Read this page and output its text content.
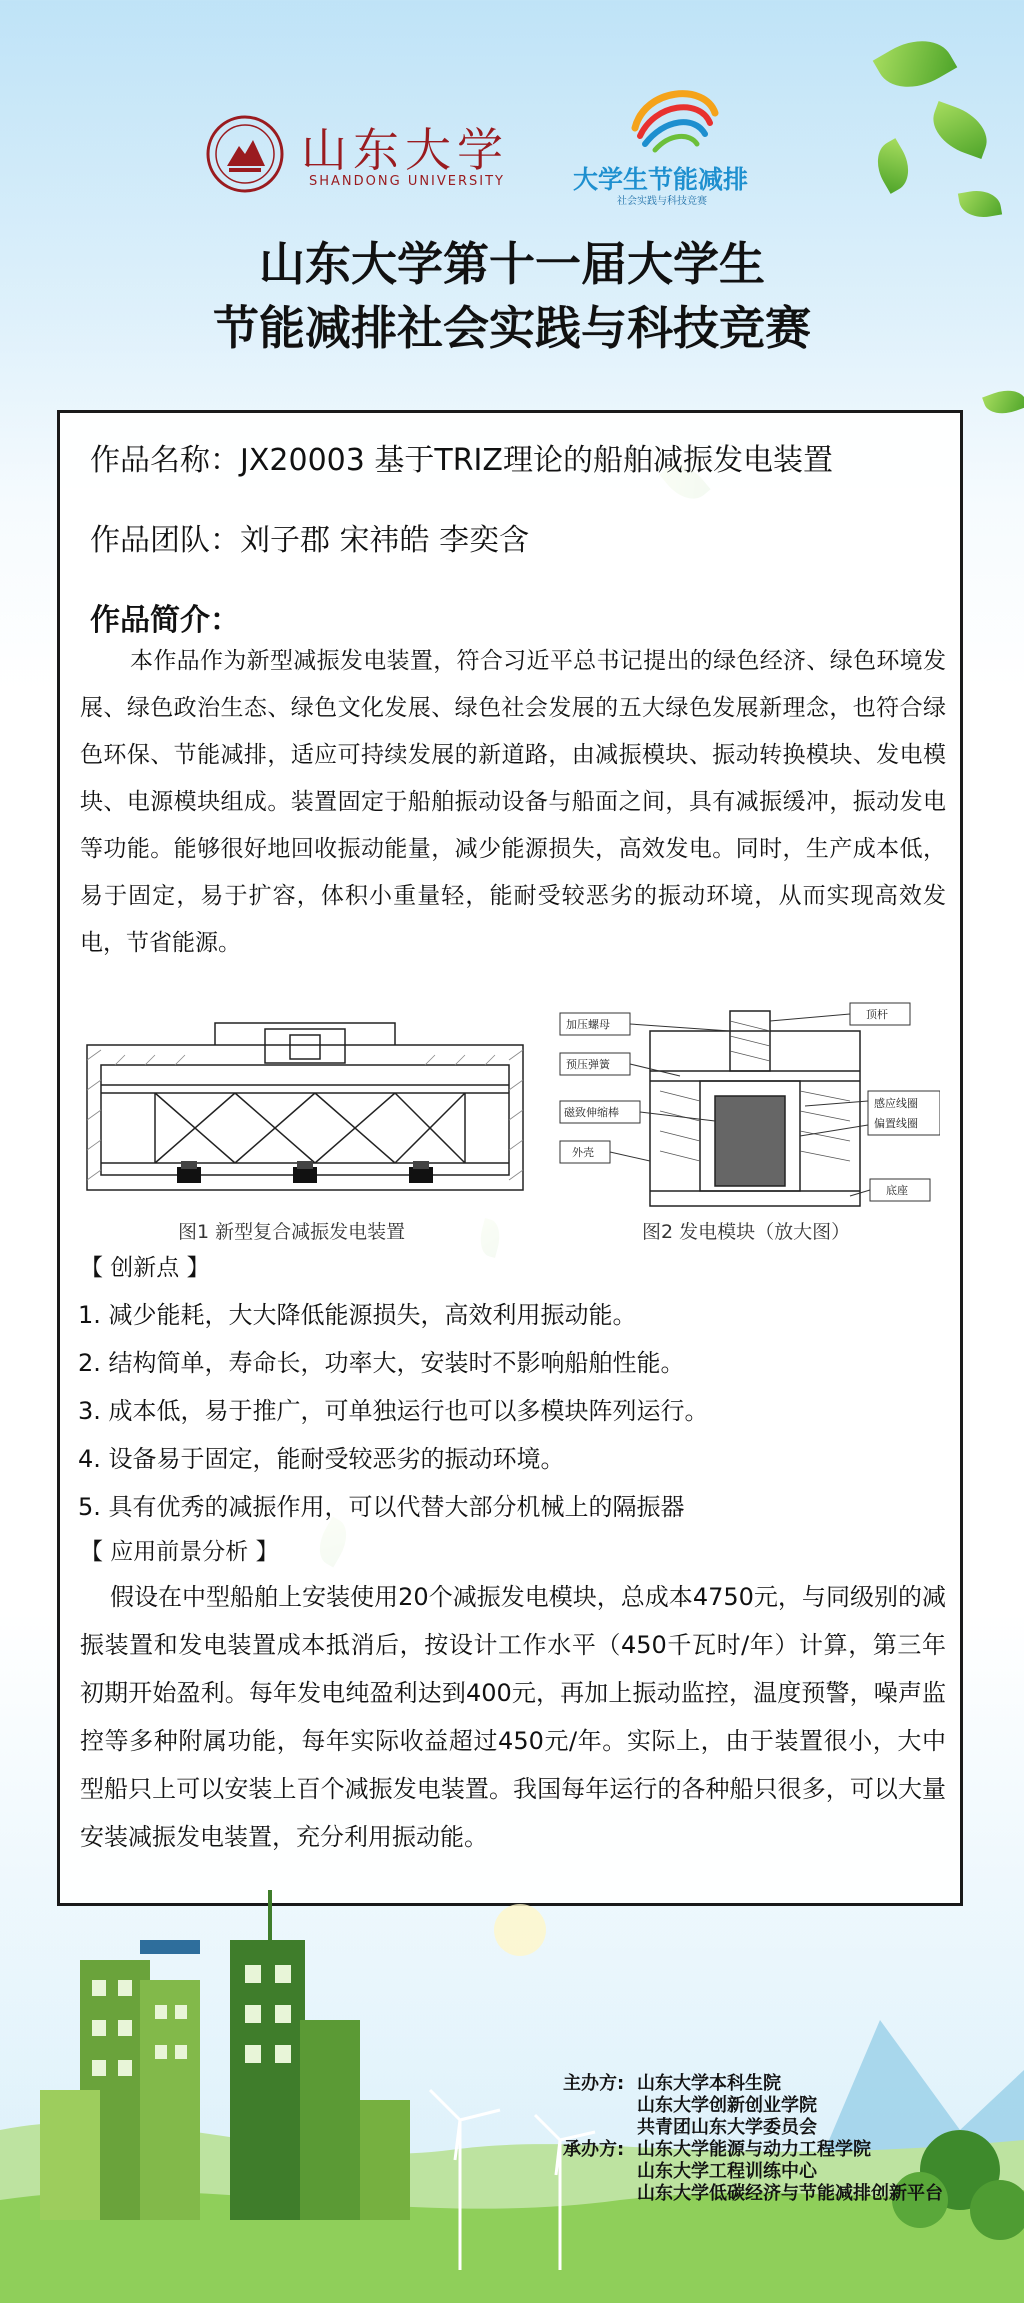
山东大学
SHANDONG UNIVERSITY	大学生节能减排
社会实践与科技竞赛
山东大学第十一届大学生
节能减排社会实践与科技竞赛
作品名称：JX20003 基于TRIZ理论的船舶减振发电装置
作品团队：刘子郡 宋祎皓 李奕含
作品简介：
本作品作为新型减振发电装置，符合习近平总书记提出的绿色经济、绿色环境发展、绿色政治生态、绿色文化发展、绿色社会发展的五大绿色发展新理念，也符合绿色环保、节能减排，适应可持续发展的新道路，由减振模块、振动转换模块、发电模块、电源模块组成。装置固定于船舶振动设备与船面之间，具有减振缓冲，振动发电等功能。能够很好地回收振动能量，减少能源损失，高效发电。同时，生产成本低，易于固定，易于扩容，体积小重量轻，能耐受较恶劣的振动环境，从而实现高效发电，节省能源。
图1 新型复合减振发电装置
加压螺母
预压弹簧
磁致伸缩棒
外壳
顶杆
感应线圈
偏置线圈
底座
图2 发电模块（放大图）
【 创新点 】
1. 减少能耗，大大降低能源损失，高效利用振动能。
2. 结构简单，寿命长，功率大，安装时不影响船舶性能。
3. 成本低，易于推广，可单独运行也可以多模块阵列运行。
4. 设备易于固定，能耐受较恶劣的振动环境。
5. 具有优秀的减振作用，可以代替大部分机械上的隔振器
【 应用前景分析 】
假设在中型船舶上安装使用20个减振发电模块，总成本4750元，与同级别的减振装置和发电装置成本抵消后，按设计工作水平（450千瓦时/年）计算，第三年初期开始盈利。每年发电纯盈利达到400元，再加上振动监控，温度预警，噪声监控等多种附属功能，每年实际收益超过450元/年。实际上，由于装置很小，大中型船只上可以安装上百个减振发电装置。我国每年运行的各种船只很多，可以大量安装减振发电装置，充分利用振动能。
主办方: 山东大学本科生院
山东大学创新创业学院
共青团山东大学委员会
承办方: 山东大学能源与动力工程学院
山东大学工程训练中心
山东大学低碳经济与节能减排创新平台
